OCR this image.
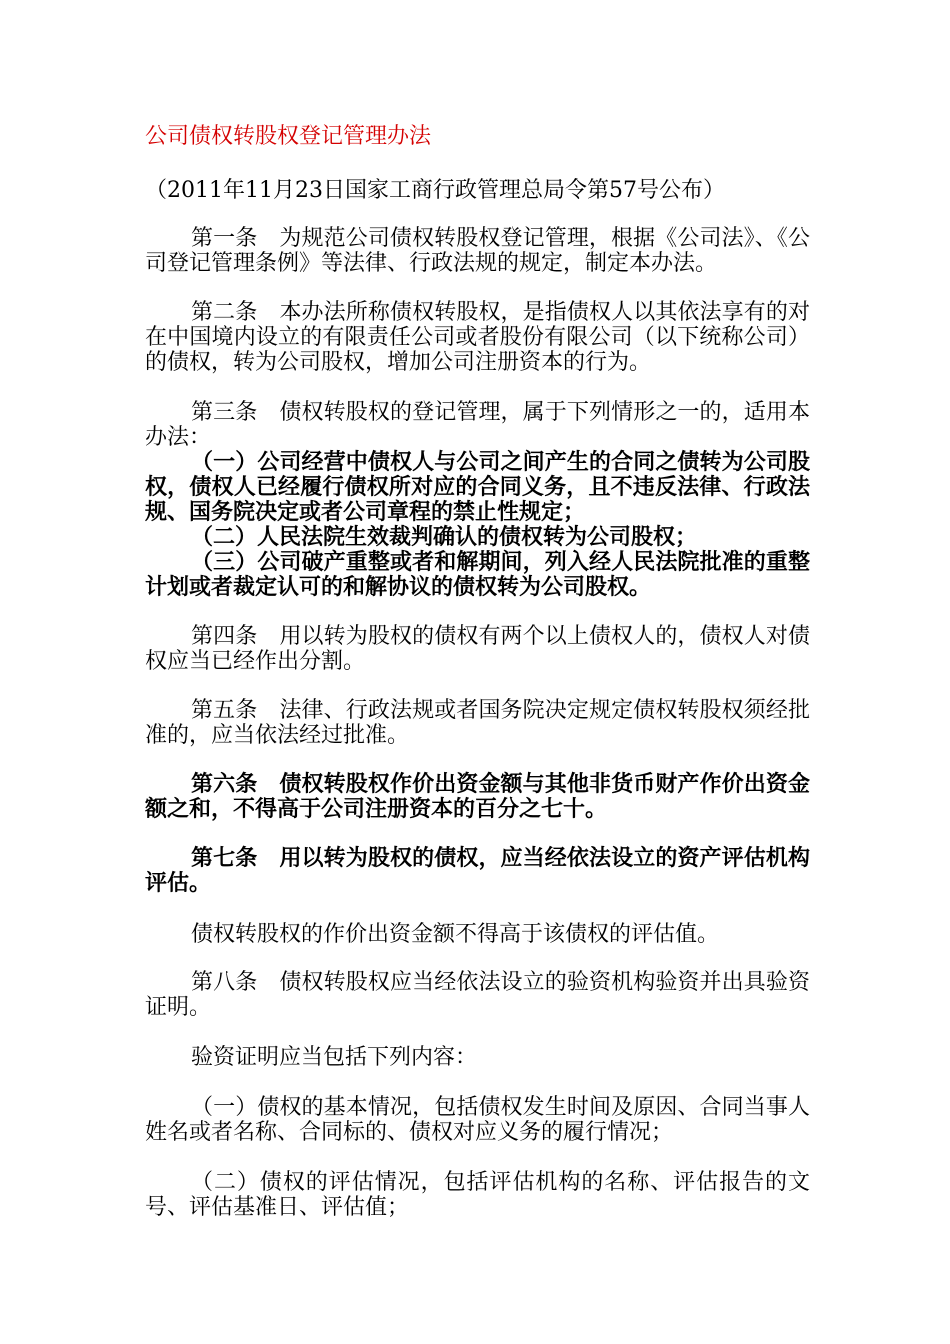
公司债权转股权登记管理办法

（2011年11月23日国家工商行政管理总局令第57号公布）

第一条　为规范公司债权转股权登记管理，根据《公司法》、《公司登记管理条例》等法律、行政法规的规定，制定本办法。

第二条　本办法所称债权转股权，是指债权人以其依法享有的对在中国境内设立的有限责任公司或者股份有限公司（以下统称公司）的债权，转为公司股权，增加公司注册资本的行为。

第三条　债权转股权的登记管理，属于下列情形之一的，适用本办法：

（一）公司经营中债权人与公司之间产生的合同之债转为公司股权，债权人已经履行债权所对应的合同义务，且不违反法律、行政法规、国务院决定或者公司章程的禁止性规定；

（二）人民法院生效裁判确认的债权转为公司股权；

（三）公司破产重整或者和解期间，列入经人民法院批准的重整计划或者裁定认可的和解协议的债权转为公司股权。

第四条　用以转为股权的债权有两个以上债权人的，债权人对债权应当已经作出分割。

第五条　法律、行政法规或者国务院决定规定债权转股权须经批准的，应当依法经过批准。

第六条　债权转股权作价出资金额与其他非货币财产作价出资金额之和，不得高于公司注册资本的百分之七十。

第七条　用以转为股权的债权，应当经依法设立的资产评估机构评估。

债权转股权的作价出资金额不得高于该债权的评估值。

第八条　债权转股权应当经依法设立的验资机构验资并出具验资证明。

验资证明应当包括下列内容：

（一）债权的基本情况，包括债权发生时间及原因、合同当事人姓名或者名称、合同标的、债权对应义务的履行情况；

（二）债权的评估情况，包括评估机构的名称、评估报告的文号、评估基准日、评估值；
